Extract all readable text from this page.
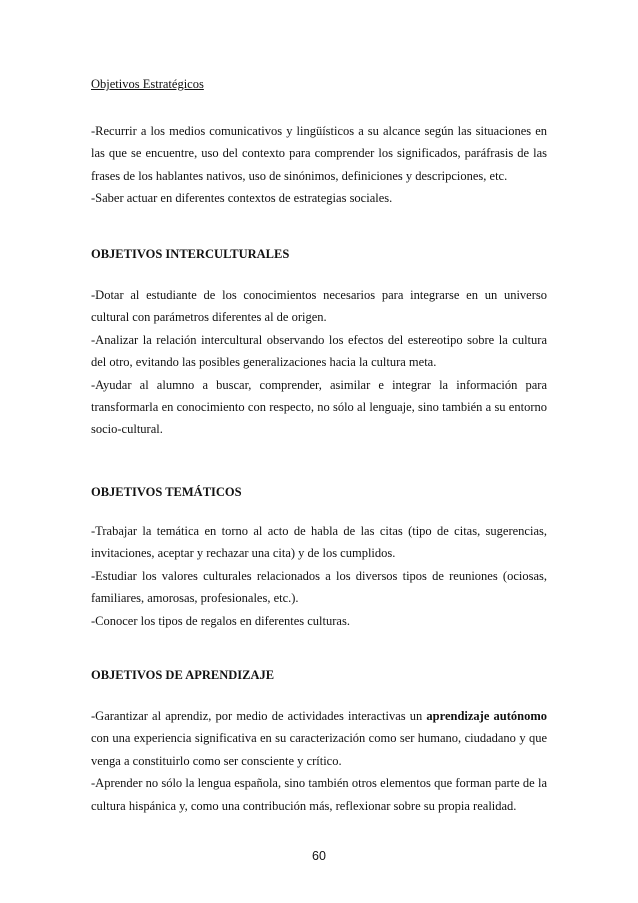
Objetivos Estratégicos

-Recurrir a los medios comunicativos y lingüísticos a su alcance según las situaciones en las que se encuentre, uso del contexto para comprender los significados, paráfrasis de las frases de los hablantes nativos, uso de sinónimos, definiciones y descripciones, etc.

-Saber actuar en diferentes contextos de estrategias sociales.

OBJETIVOS INTERCULTURALES

-Dotar al estudiante de los conocimientos necesarios para integrarse en un universo cultural con parámetros diferentes al de origen.

-Analizar la relación intercultural observando los efectos del estereotipo sobre la cultura del otro, evitando las posibles generalizaciones hacia la cultura meta.

-Ayudar al alumno a buscar, comprender, asimilar e integrar la información para transformarla en conocimiento con respecto, no sólo al lenguaje, sino también a su entorno socio-cultural.

OBJETIVOS TEMÁTICOS

-Trabajar la temática en torno al acto de habla de las citas (tipo de citas, sugerencias, invitaciones, aceptar y rechazar una cita) y de los cumplidos.

-Estudiar los valores culturales relacionados a los diversos tipos de reuniones (ociosas, familiares, amorosas, profesionales, etc.).

-Conocer los tipos de regalos en diferentes culturas.

OBJETIVOS DE APRENDIZAJE

-Garantizar al aprendiz, por medio de actividades interactivas un aprendizaje autónomo con una experiencia significativa en su caracterización como ser humano, ciudadano y que venga a constituirlo como ser consciente y crítico.

-Aprender no sólo la lengua española, sino también otros elementos que forman parte de la cultura hispánica y, como una contribución más, reflexionar sobre su propia realidad.

60
